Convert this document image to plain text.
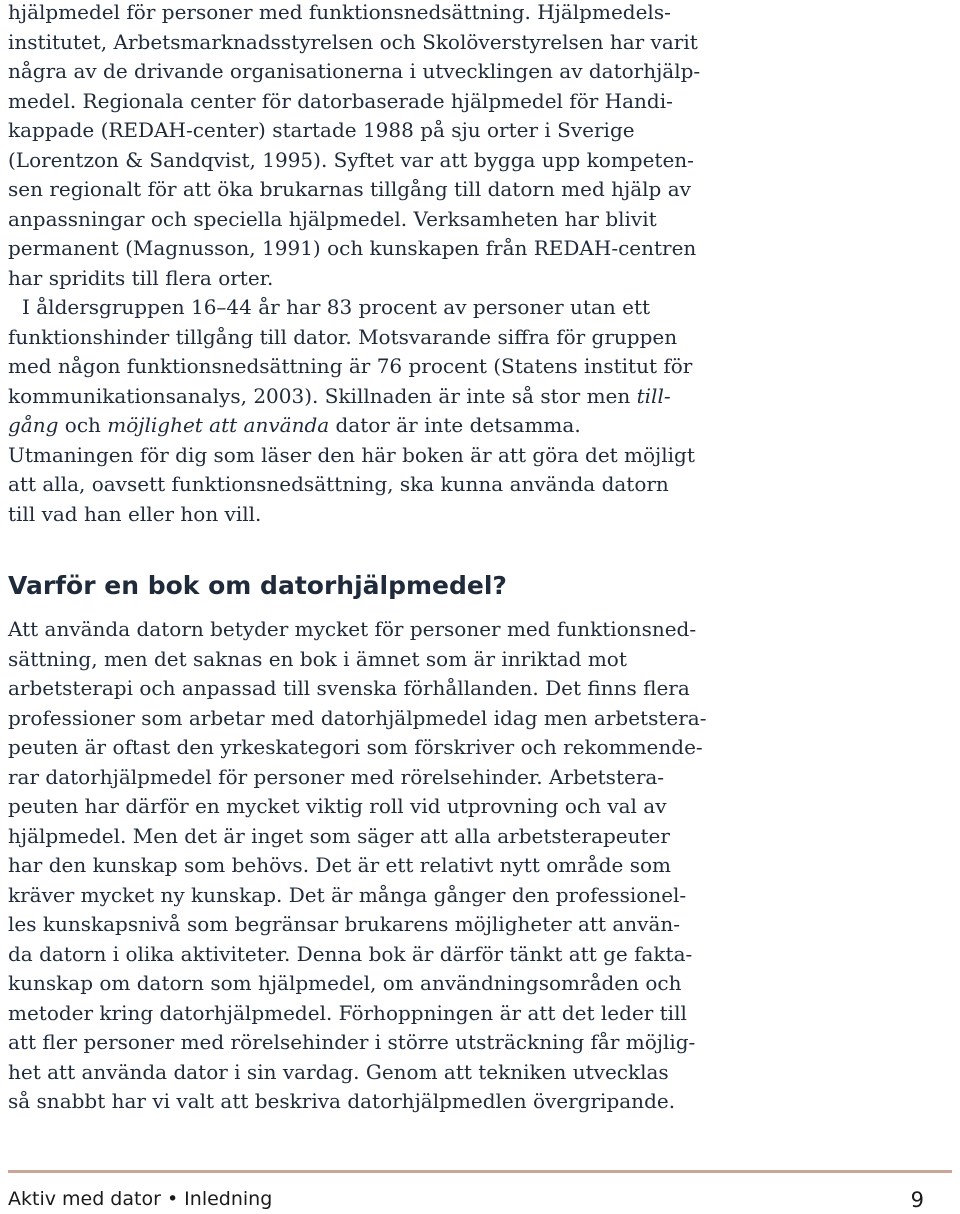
hjälpmedel för personer med funktionsnedsättning. Hjälpmedels-
institutet, Arbetsmarknadsstyrelsen och Skolöverstyrelsen har varit
några av de drivande organisationerna i utvecklingen av datorhjälp-
medel. Regionala center för datorbaserade hjälpmedel för Handi-
kappade (REDAH-center) startade 1988 på sju orter i Sverige
(Lorentzon & Sandqvist, 1995). Syftet var att bygga upp kompeten-
sen regionalt för att öka brukarnas tillgång till datorn med hjälp av
anpassningar och speciella hjälpmedel. Verksamheten har blivit
permanent (Magnusson, 1991) och kunskapen från REDAH-centren
har spridits till flera orter.
I åldersgruppen 16–44 år har 83 procent av personer utan ett
funktionshinder tillgång till dator. Motsvarande siffra för gruppen
med någon funktionsnedsättning är 76 procent (Statens institut för
kommunikationsanalys, 2003). Skillnaden är inte så stor men till-
gång och möjlighet att använda dator är inte detsamma.
Utmaningen för dig som läser den här boken är att göra det möjligt
att alla, oavsett funktionsnedsättning, ska kunna använda datorn
till vad han eller hon vill.
Varför en bok om datorhjälpmedel?
Att använda datorn betyder mycket för personer med funktionsned-
sättning, men det saknas en bok i ämnet som är inriktad mot
arbetsterapi och anpassad till svenska förhållanden. Det finns flera
professioner som arbetar med datorhjälpmedel idag men arbetstera-
peuten är oftast den yrkeskategori som förskriver och rekommende-
rar datorhjälpmedel för personer med rörelsehinder. Arbetstera-
peuten har därför en mycket viktig roll vid utprovning och val av
hjälpmedel. Men det är inget som säger att alla arbetsterapeuter
har den kunskap som behövs. Det är ett relativt nytt område som
kräver mycket ny kunskap. Det är många gånger den professionel-
les kunskapsnivå som begränsar brukarens möjligheter att använ-
da datorn i olika aktiviteter. Denna bok är därför tänkt att ge fakta-
kunskap om datorn som hjälpmedel, om användningsområden och
metoder kring datorhjälpmedel. Förhoppningen är att det leder till
att fler personer med rörelsehinder i större utsträckning får möjlig-
het att använda dator i sin vardag. Genom att tekniken utvecklas
så snabbt har vi valt att beskriva datorhjälpmedlen övergripande.
Aktiv med dator • Inledning	9
